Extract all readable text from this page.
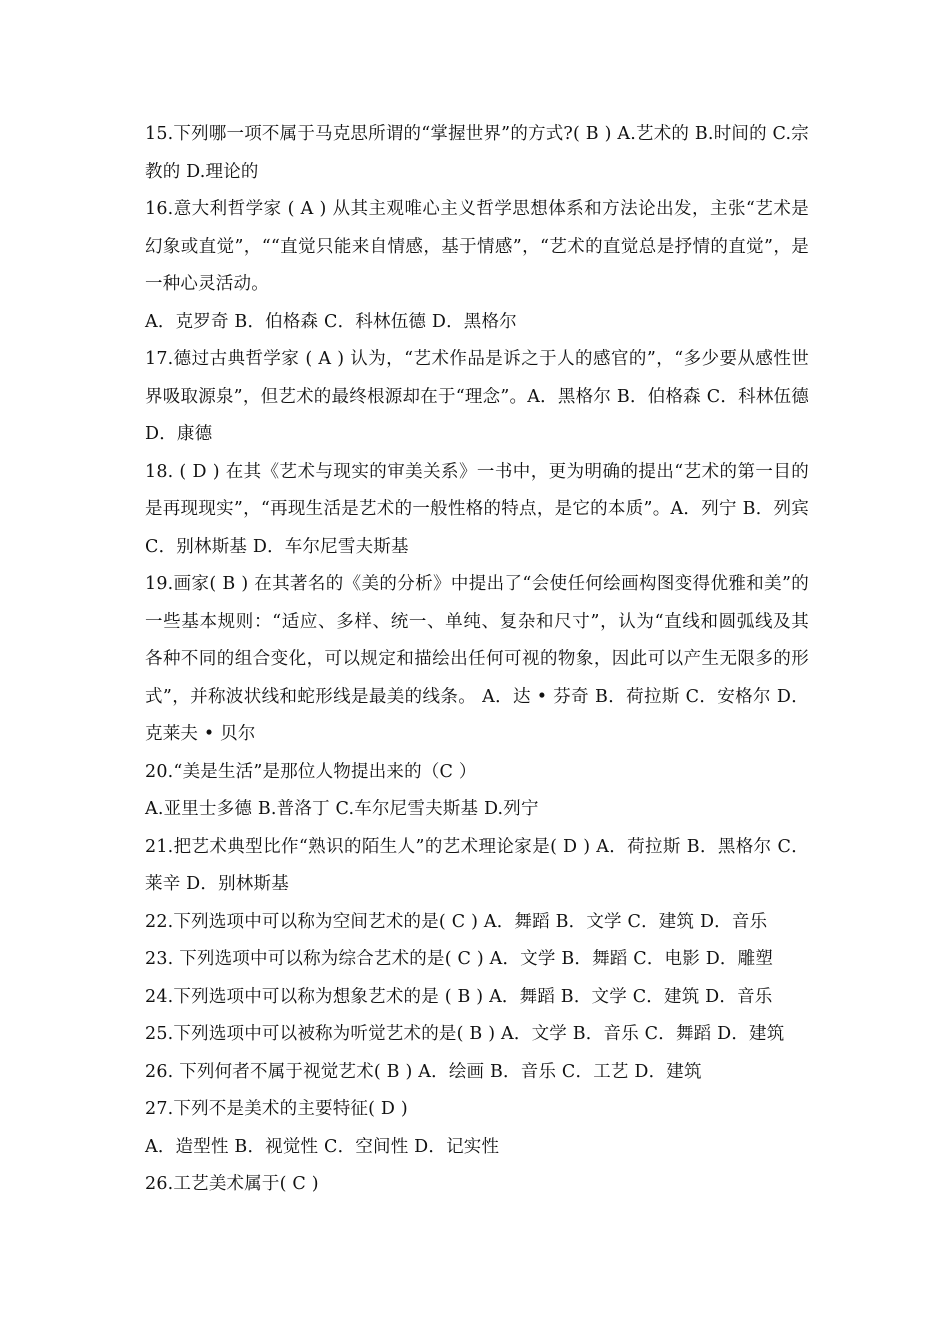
15.下列哪一项不属于马克思所谓的“掌握世界”的方式?( B ) A.艺术的 B.时间的 C.宗教的 D.理论的

16.意大利哲学家 ( A ) 从其主观唯心主义哲学思想体系和方法论出发，主张“艺术是幻象或直觉”，““直觉只能来自情感，基于情感”，“艺术的直觉总是抒情的直觉”，是一种心灵活动。

A．克罗奇 B．伯格森 C．科林伍德 D．黑格尔

17.德过古典哲学家 ( A ) 认为，“艺术作品是诉之于人的感官的”，“多少要从感性世界吸取源泉”，但艺术的最终根源却在于“理念”。A．黑格尔 B．伯格森 C．科林伍德 D．康德

18. ( D ) 在其《艺术与现实的审美关系》一书中，更为明确的提出“艺术的第一目的是再现现实”，“再现生活是艺术的一般性格的特点，是它的本质”。A．列宁 B．列宾 C．别林斯基 D．车尔尼雪夫斯基

19.画家( B ) 在其著名的《美的分析》中提出了“会使任何绘画构图变得优雅和美”的一些基本规则：“适应、多样、统一、单纯、复杂和尺寸”，认为“直线和圆弧线及其各种不同的组合变化，可以规定和描绘出任何可视的物象，因此可以产生无限多的形式”，并称波状线和蛇形线是最美的线条。 A．达 • 芬奇 B．荷拉斯 C．安格尔 D．克莱夫 • 贝尔

20.“美是生活”是那位人物提出来的（C ）

A.亚里士多德 B.普洛丁 C.车尔尼雪夫斯基 D.列宁

21.把艺术典型比作“熟识的陌生人”的艺术理论家是( D ) A．荷拉斯 B．黑格尔 C．莱辛 D．别林斯基

22.下列选项中可以称为空间艺术的是( C ) A．舞蹈 B．文学 C．建筑 D．音乐

23. 下列选项中可以称为综合艺术的是( C ) A．文学 B．舞蹈 C．电影 D．雕塑

24.下列选项中可以称为想象艺术的是 ( B ) A．舞蹈 B．文学 C．建筑 D．音乐

25.下列选项中可以被称为听觉艺术的是( B ) A．文学 B．音乐 C．舞蹈 D．建筑

26. 下列何者不属于视觉艺术( B ) A．绘画 B．音乐 C．工艺 D．建筑

27.下列不是美术的主要特征( D )

A．造型性 B．视觉性 C．空间性 D．记实性

26.工艺美术属于( C )
